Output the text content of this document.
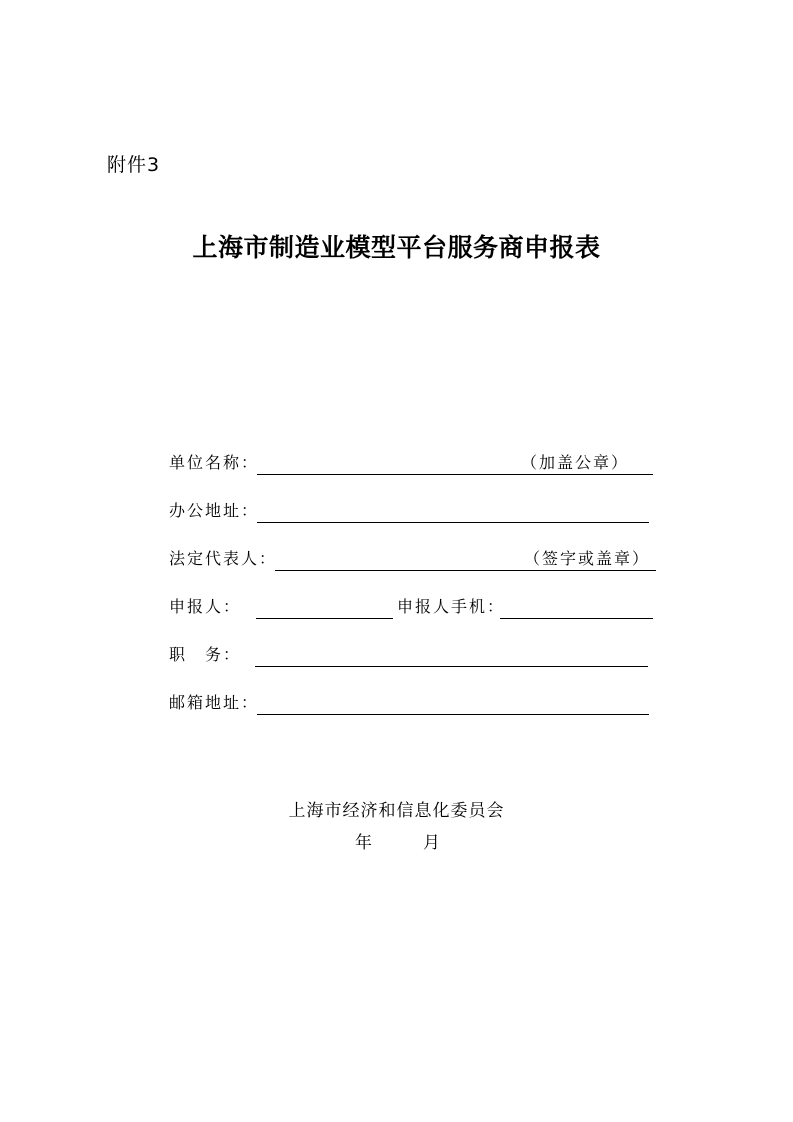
附件3
上海市制造业模型平台服务商申报表
单位名称：	（加盖公章）
办公地址：
法定代表人：	（签字或盖章）
申报人：	申报人手机：
职　务：
邮箱地址：
上海市经济和信息化委员会
年	月
